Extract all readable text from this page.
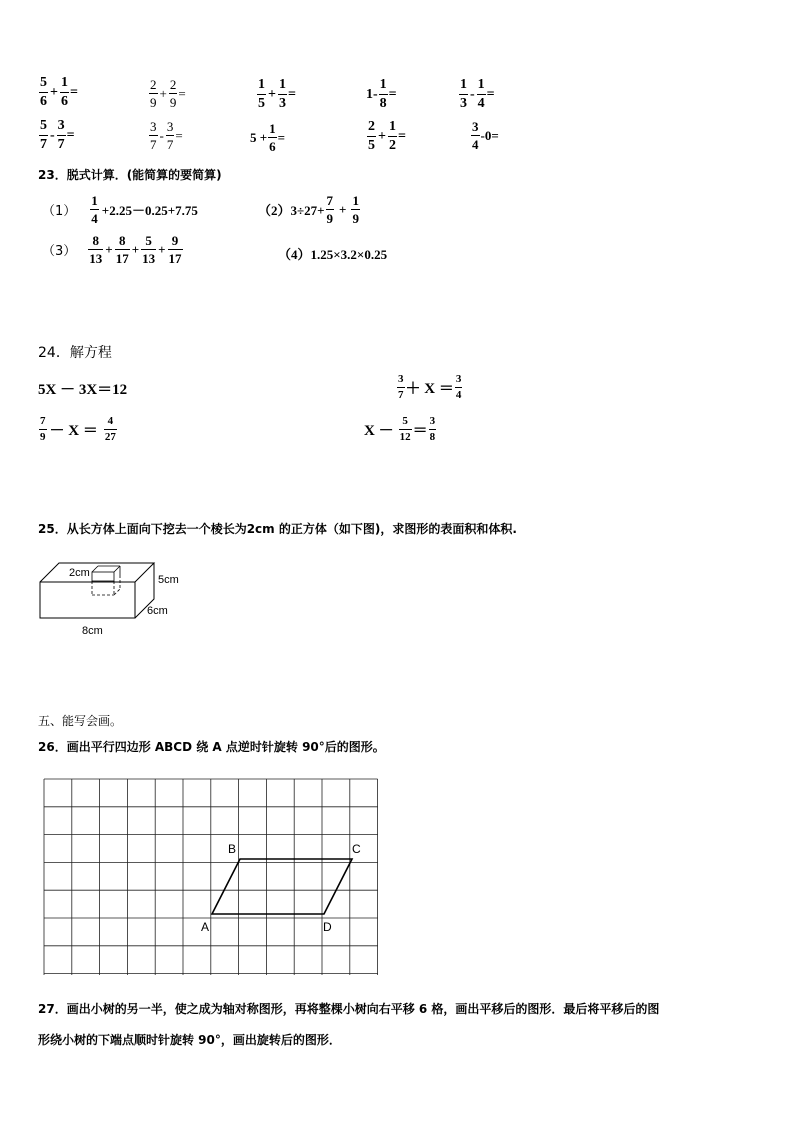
$\frac{5}{6} + \frac{1}{6}$ =	$\frac{2}{9} + \frac{2}{9}$ =	$\frac{1}{5} + \frac{1}{3}$ =	$1- \frac{1}{8}$ =	$\frac{1}{3} - \frac{1}{4}$ =
$\frac{5}{7} - \frac{3}{7}$ =	$\frac{3}{7} - \frac{3}{7}$ =	$5 + \frac{1}{6}$ =	$\frac{2}{5} + \frac{1}{2}$ =	$\frac{3}{4} -0=$
23．脱式计算．(能简算的要简算)
$(1) \frac{1}{4} +2.25-0.25+7.75$	$(2)3\div 27+ \frac{7}{9} + \frac{1}{9}$
$(3) \frac{8}{13} + \frac{8}{17} + \frac{5}{13} + \frac{9}{17}$	（4）1.25×3.2×0.25
24．解方程
5X － 3X＝12	$\frac{3}{7} + X = \frac{3}{4}$
$\frac{7}{9} - X = \frac{4}{27}$	$X - \frac{5}{12} = \frac{3}{8}$
25．从长方体上面向下挖去一个棱长为2cm 的正方体（如下图)，求图形的表面积和体积.
2cm
5cm
6cm
8cm
五、能写会画。
26．画出平行四边形 ABCD 绕 A 点逆时针旋转 90°后的图形。
A
B	C
D
27．画出小树的另一半，使之成为轴对称图形，再将整棵小树向右平移 6 格，画出平移后的图形．最后将平移后的图
形绕小树的下端点顺时针旋转 90°，画出旋转后的图形．
